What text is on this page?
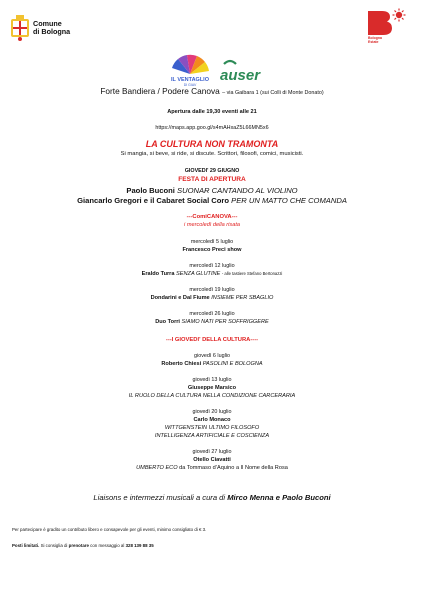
Comune
di Bologna
Bologna
Estate
IL VENTAGLIO
DI GIAV
auser
Forte Bandiera / Podere Canova – via Gaibara 1 (sui Colli di Monte Donato)
Apertura dalle 19,30 eventi alle 21
https://maps.app.goo.gl/s4mAHxaZ5L66MN5x6
LA CULTURA NON TRAMONTA
Si mangia, si beve, si ride, si discute. Scrittori, filosofi, comici, musicisti.
GIOVEDI' 29 GIUGNO
FESTA DI APERTURA
Paolo Buconi SUONAR CANTANDO AL VIOLINO
Giancarlo Gregori e il Cabaret Social Coro PER UN MATTO CHE COMANDA
---ComiCANOVA---
i mercoledì della risata
mercoledì 5 luglio
Francesco Preci show
mercoledì 12 luglio
Eraldo Turra SENZA GLUTINE - alle tastiere Stefano Bertonazzi
mercoledì 19 luglio
Dondarini e Dal Fiume INSIEME PER SBAGLIO
mercoledì 26 luglio
Duo Torri SIAMO NATI PER SOFFRIGGERE
---I GIOVEDI' DELLA CULTURA----
giovedì 6 luglio
Roberto Chiesi PASOLINI E BOLOGNA
giovedì 13 luglio
Giuseppe Marsico
IL RUOLO DELLA CULTURA NELLA CONDIZIONE CARCERARIA
giovedì 20 luglio
Carlo Monaco
WITTGENSTEIN ULTIMO FILOSOFO
INTELLIGENZA ARTIFICIALE E COSCIENZA
giovedì 27 luglio
Otello Ciavatti
UMBERTO ECO da Tommaso d’Aquino a Il Nome della Rosa
Liaisons e intermezzi musicali a cura di Mirco Menna e Paolo Buconi
Per partecipare è gradito un contributo libero e consapevole per gli eventi, minimo consigliato di € 3.
Posti limitati. Si consiglia di prenotare con messaggio al 328 139 88 35
